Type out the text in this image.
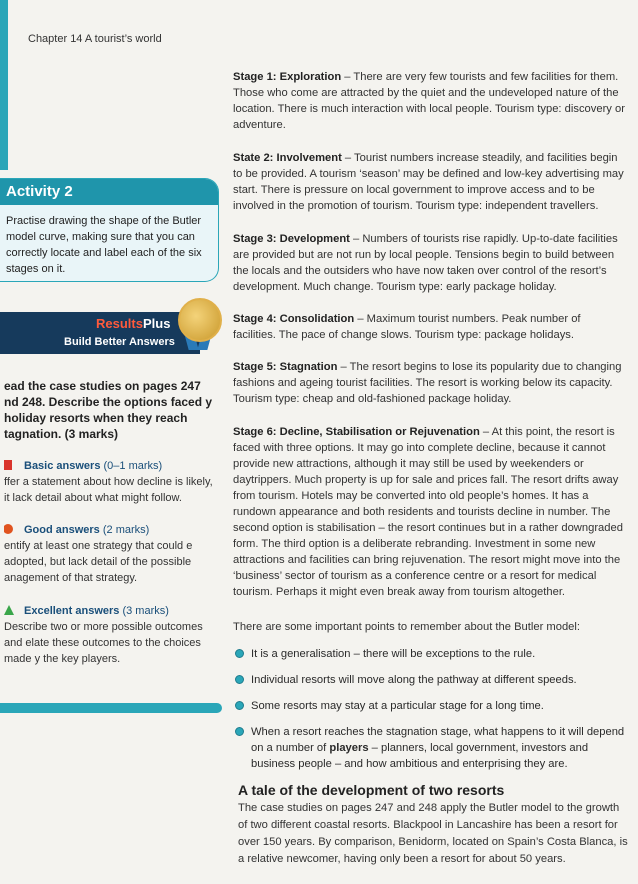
Chapter 14 A tourist’s world
Activity 2
Practise drawing the shape of the Butler model curve, making sure that you can correctly locate and label each of the six stages on it.
ResultsPlus
Build Better Answers
ead the case studies on pages 247 nd 248. Describe the options faced y holiday resorts when they reach tagnation. (3 marks)
Basic answers (0–1 marks)
ffer a statement about how decline is likely, it lack detail about what might follow.
Good answers (2 marks)
entify at least one strategy that could e adopted, but lack detail of the possible anagement of that strategy.
Excellent answers (3 marks)
Describe two or more possible outcomes and elate these outcomes to the choices made y the key players.
Stage 1: Exploration – There are very few tourists and few facilities for them. Those who come are attracted by the quiet and the undeveloped nature of the location. There is much interaction with local people. Tourism type: discovery or adventure.
State 2: Involvement – Tourist numbers increase steadily, and facilities begin to be provided. A tourism ‘season’ may be defined and low-key advertising may start. There is pressure on local government to improve access and to be involved in the promotion of tourism. Tourism type: independent travellers.
Stage 3: Development – Numbers of tourists rise rapidly. Up-to-date facilities are provided but are not run by local people. Tensions begin to build between the locals and the outsiders who have now taken over control of the resort’s development. Much change. Tourism type: early package holiday.
Stage 4: Consolidation – Maximum tourist numbers. Peak number of facilities. The pace of change slows. Tourism type: package holidays.
Stage 5: Stagnation – The resort begins to lose its popularity due to changing fashions and ageing tourist facilities. The resort is working below its capacity. Tourism type: cheap and old-fashioned package holiday.
Stage 6: Decline, Stabilisation or Rejuvenation – At this point, the resort is faced with three options. It may go into complete decline, because it cannot provide new attractions, although it may still be used by weekenders or daytrippers. Much property is up for sale and prices fall. The resort drifts away from tourism. Hotels may be converted into old people’s homes. It has a rundown appearance and both residents and tourists decline in number. The second option is stabilisation – the resort continues but in a rather downgraded form. The third option is a deliberate rebranding. Investment in some new attractions and facilities can bring rejuvenation. The resort might move into the ‘business’ sector of tourism as a conference centre or a resort for medical tourism. Perhaps it might even break away from tourism altogether.
There are some important points to remember about the Butler model:
It is a generalisation – there will be exceptions to the rule.
Individual resorts will move along the pathway at different speeds.
Some resorts may stay at a particular stage for a long time.
When a resort reaches the stagnation stage, what happens to it will depend on a number of players – planners, local government, investors and business people – and how ambitious and enterprising they are.
A tale of the development of two resorts
The case studies on pages 247 and 248 apply the Butler model to the growth of two different coastal resorts. Blackpool in Lancashire has been a resort for over 150 years. By comparison, Benidorm, located on Spain’s Costa Blanca, is a relative newcomer, having only been a resort for about 50 years.
